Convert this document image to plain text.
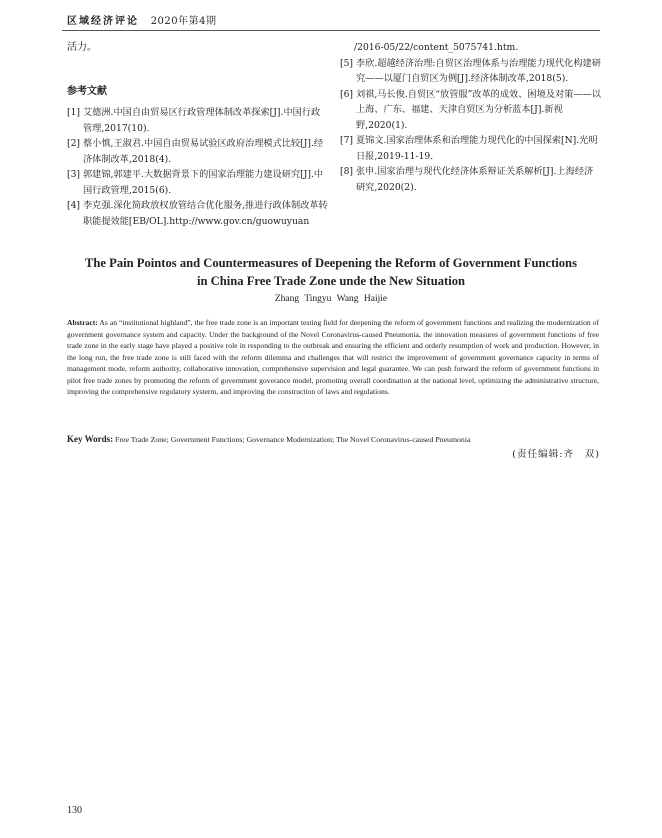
区域经济评论 2020年第4期
活力。
参考文献
[1] 艾德洲.中国自由贸易区行政管理体制改革探索[J].中国行政管理,2017(10).
[2] 蔡小慎,王淑君.中国自由贸易试验区政府治理模式比较[J].经济体制改革,2018(4).
[3] 郭建锦,郭建平.大数据背景下的国家治理能力建设研究[J].中国行政管理,2015(6).
[4] 李克强.深化简政放权放管结合优化服务,推进行政体制改革转职能提效能[EB/OL].http://www.gov.cn/guowuyuan
/2016-05/22/content_5075741.htm.
[5] 李欣.超越经济治理:自贸区治理体系与治理能力现代化构建研究——以厦门自贸区为例[J].经济体制改革,2018(5).
[6] 刘祺,马长俊.自贸区“放管服”改革的成效、困境及对策——以上海、广东、福建、天津自贸区为分析蓝本[J].新视野,2020(1).
[7] 夏锦文.国家治理体系和治理能力现代化的中国探索[N].光明日报,2019-11-19.
[8] 张申.国家治理与现代化经济体系辩证关系解析[J].上海经济研究,2020(2).
The Pain Pointos and Countermeasures of Deepening the Reform of Government Functions
in China Free Trade Zone unde the New Situation
Zhang Tingyu Wang Haijie
Abstract: As an “institutional highland”, the free trade zone is an important testing field for deepening the reform of government functions and realizing the modernization of government governance system and capacity. Under the background of the Novel Coronavirus-caused Pneumonia, the innovation measures of government functions of free trade zone in the early stage have played a positive role in responding to the outbreak and ensuring the efficient and orderly resumption of work and production. However, in the long run, the free trade zone is still faced with the reform dilemma and challenges that will restrict the improvement of government governance capacity in terms of management mode, reform authority, collaborative innovation, comprehensive supervision and legal guarantee. We can push forward the reform of government functions in pilot free trade zones by promoting the reform of government goverance model, promoting overall coordination at the national level, optimizing the administrative structure, improving the comprehensive regulatory systerm, and improving the construction of laws and regulations.
Key Words: Free Trade Zone; Government Functions; Governance Modernization; The Novel Coronavirus-caused Pneumonia
(责任编辑:齐　双)
130
